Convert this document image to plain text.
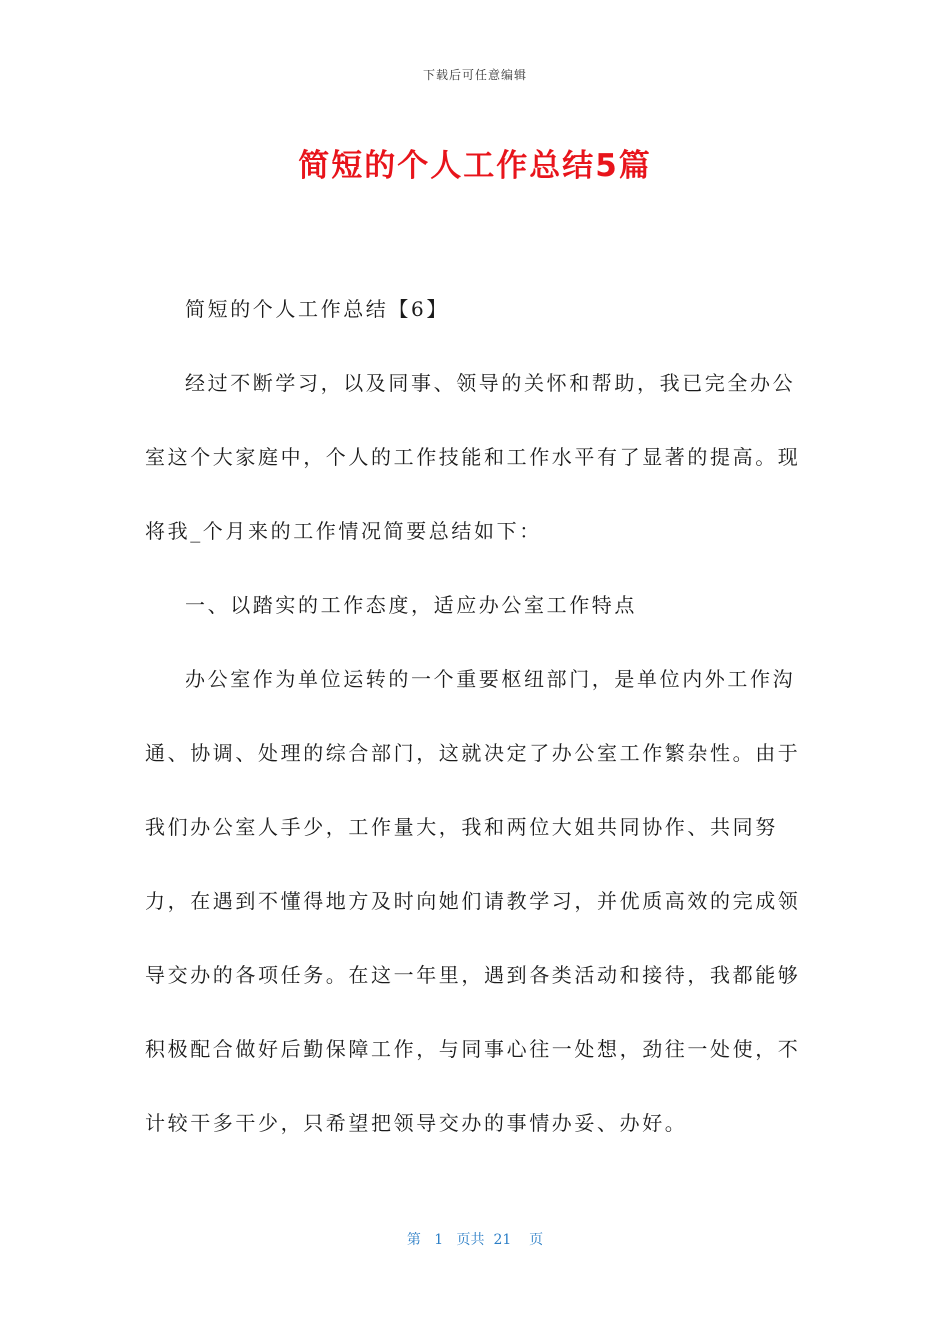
下载后可任意编辑
简短的个人工作总结5篇

简短的个人工作总结【6】

经过不断学习，以及同事、领导的关怀和帮助，我已完全办公室这个大家庭中，个人的工作技能和工作水平有了显著的提高。现将我_个月来的工作情况简要总结如下：

一、以踏实的工作态度，适应办公室工作特点

办公室作为单位运转的一个重要枢纽部门，是单位内外工作沟通、协调、处理的综合部门，这就决定了办公室工作繁杂性。由于我们办公室人手少，工作量大，我和两位大姐共同协作、共同努力，在遇到不懂得地方及时向她们请教学习，并优质高效的完成领导交办的各项任务。在这一年里，遇到各类活动和接待，我都能够积极配合做好后勤保障工作，与同事心往一处想，劲往一处使，不计较干多干少，只希望把领导交办的事情办妥、办好。

第 1 页共 21 页
